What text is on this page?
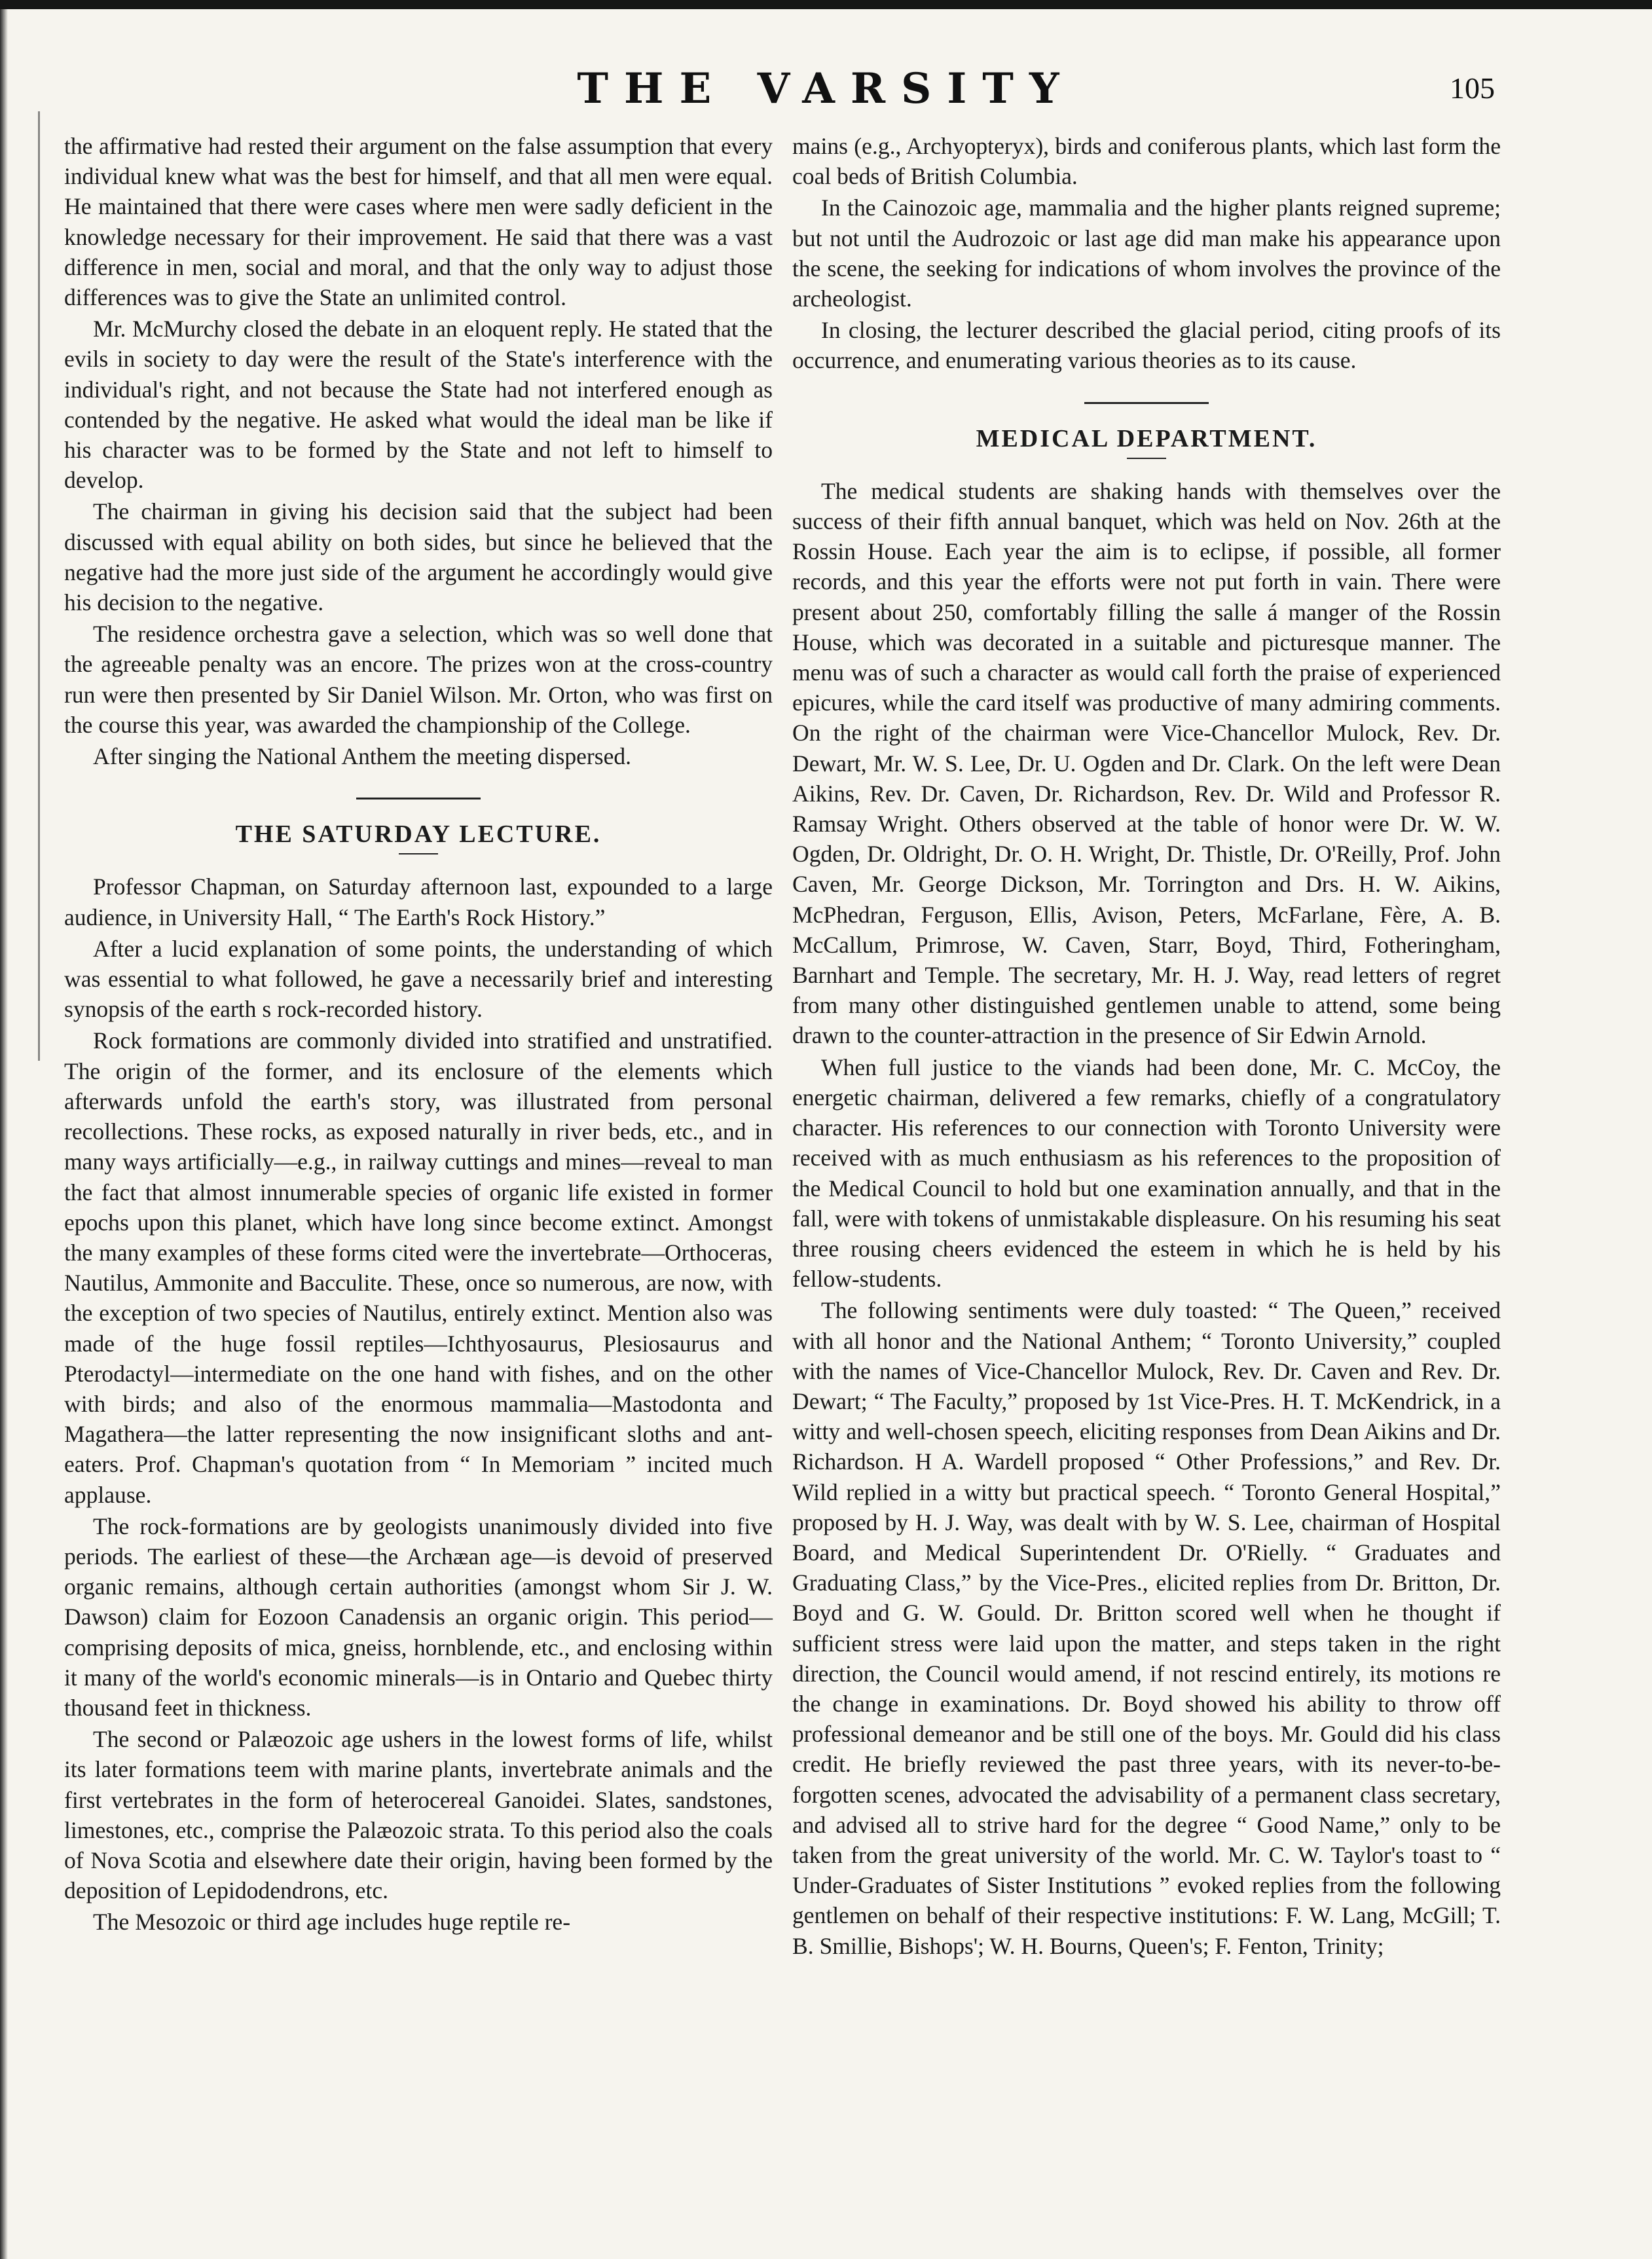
THE VARSITY	105

the affirmative had rested their argument on the false assumption that every individual knew what was the best for himself, and that all men were equal. He maintained that there were cases where men were sadly deficient in the knowledge necessary for their improvement. He said that there was a vast difference in men, social and moral, and that the only way to adjust those differences was to give the State an unlimited control.

Mr. McMurchy closed the debate in an eloquent reply. He stated that the evils in society to day were the result of the State's interference with the individual's right, and not because the State had not interfered enough as contended by the negative. He asked what would the ideal man be like if his character was to be formed by the State and not left to himself to develop.

The chairman in giving his decision said that the subject had been discussed with equal ability on both sides, but since he believed that the negative had the more just side of the argument he accordingly would give his decision to the negative.

The residence orchestra gave a selection, which was so well done that the agreeable penalty was an encore. The prizes won at the cross-country run were then presented by Sir Daniel Wilson. Mr. Orton, who was first on the course this year, was awarded the championship of the College.

After singing the National Anthem the meeting dispersed.

THE SATURDAY LECTURE.

Professor Chapman, on Saturday afternoon last, expounded to a large audience, in University Hall, “ The Earth's Rock History.”

After a lucid explanation of some points, the understanding of which was essential to what followed, he gave a necessarily brief and interesting synopsis of the earth s rock-recorded history.

Rock formations are commonly divided into stratified and unstratified. The origin of the former, and its enclosure of the elements which afterwards unfold the earth's story, was illustrated from personal recollections. These rocks, as exposed naturally in river beds, etc., and in many ways artificially—e.g., in railway cuttings and mines—reveal to man the fact that almost innumerable species of organic life existed in former epochs upon this planet, which have long since become extinct. Amongst the many examples of these forms cited were the invertebrate—Orthoceras, Nautilus, Ammonite and Bacculite. These, once so numerous, are now, with the exception of two species of Nautilus, entirely extinct. Mention also was made of the huge fossil reptiles—Ichthyosaurus, Plesiosaurus and Pterodactyl—intermediate on the one hand with fishes, and on the other with birds; and also of the enormous mammalia—Mastodonta and Magathera—the latter representing the now insignificant sloths and ant-eaters. Prof. Chapman's quotation from “ In Memoriam ” incited much applause.

The rock-formations are by geologists unanimously divided into five periods. The earliest of these—the Archæan age—is devoid of preserved organic remains, although certain authorities (amongst whom Sir J. W. Dawson) claim for Eozoon Canadensis an organic origin. This period—comprising deposits of mica, gneiss, hornblende, etc., and enclosing within it many of the world's economic minerals—is in Ontario and Quebec thirty thousand feet in thickness.

The second or Palæozoic age ushers in the lowest forms of life, whilst its later formations teem with marine plants, invertebrate animals and the first vertebrates in the form of heterocereal Ganoidei. Slates, sandstones, limestones, etc., comprise the Palæozoic strata. To this period also the coals of Nova Scotia and elsewhere date their origin, having been formed by the deposition of Lepidodendrons, etc.

The Mesozoic or third age includes huge reptile re-

mains (e.g., Archyopteryx), birds and coniferous plants, which last form the coal beds of British Columbia.

In the Cainozoic age, mammalia and the higher plants reigned supreme; but not until the Audrozoic or last age did man make his appearance upon the scene, the seeking for indications of whom involves the province of the archeologist.

In closing, the lecturer described the glacial period, citing proofs of its occurrence, and enumerating various theories as to its cause.

MEDICAL DEPARTMENT.

The medical students are shaking hands with themselves over the success of their fifth annual banquet, which was held on Nov. 26th at the Rossin House. Each year the aim is to eclipse, if possible, all former records, and this year the efforts were not put forth in vain. There were present about 250, comfortably filling the salle á manger of the Rossin House, which was decorated in a suitable and picturesque manner. The menu was of such a character as would call forth the praise of experienced epicures, while the card itself was productive of many admiring comments. On the right of the chairman were Vice-Chancellor Mulock, Rev. Dr. Dewart, Mr. W. S. Lee, Dr. U. Ogden and Dr. Clark. On the left were Dean Aikins, Rev. Dr. Caven, Dr. Richardson, Rev. Dr. Wild and Professor R. Ramsay Wright. Others observed at the table of honor were Dr. W. W. Ogden, Dr. Oldright, Dr. O. H. Wright, Dr. Thistle, Dr. O'Reilly, Prof. John Caven, Mr. George Dickson, Mr. Torrington and Drs. H. W. Aikins, McPhedran, Ferguson, Ellis, Avison, Peters, McFarlane, Fère, A. B. McCallum, Primrose, W. Caven, Starr, Boyd, Third, Fotheringham, Barnhart and Temple. The secretary, Mr. H. J. Way, read letters of regret from many other distinguished gentlemen unable to attend, some being drawn to the counter-attraction in the presence of Sir Edwin Arnold.

When full justice to the viands had been done, Mr. C. McCoy, the energetic chairman, delivered a few remarks, chiefly of a congratulatory character. His references to our connection with Toronto University were received with as much enthusiasm as his references to the proposition of the Medical Council to hold but one examination annually, and that in the fall, were with tokens of unmistakable displeasure. On his resuming his seat three rousing cheers evidenced the esteem in which he is held by his fellow-students.

The following sentiments were duly toasted: “ The Queen,” received with all honor and the National Anthem; “ Toronto University,” coupled with the names of Vice-Chancellor Mulock, Rev. Dr. Caven and Rev. Dr. Dewart; “ The Faculty,” proposed by 1st Vice-Pres. H. T. McKendrick, in a witty and well-chosen speech, eliciting responses from Dean Aikins and Dr. Richardson. H A. Wardell proposed “ Other Professions,” and Rev. Dr. Wild replied in a witty but practical speech. “ Toronto General Hospital,” proposed by H. J. Way, was dealt with by W. S. Lee, chairman of Hospital Board, and Medical Superintendent Dr. O'Rielly. “ Graduates and Graduating Class,” by the Vice-Pres., elicited replies from Dr. Britton, Dr. Boyd and G. W. Gould. Dr. Britton scored well when he thought if sufficient stress were laid upon the matter, and steps taken in the right direction, the Council would amend, if not rescind entirely, its motions re the change in examinations. Dr. Boyd showed his ability to throw off professional demeanor and be still one of the boys. Mr. Gould did his class credit. He briefly reviewed the past three years, with its never-to-be-forgotten scenes, advocated the advisability of a permanent class secretary, and advised all to strive hard for the degree “ Good Name,” only to be taken from the great university of the world. Mr. C. W. Taylor's toast to “ Under-Graduates of Sister Institutions ” evoked replies from the following gentlemen on behalf of their respective institutions: F. W. Lang, McGill; T. B. Smillie, Bishops'; W. H. Bourns, Queen's; F. Fenton, Trinity;
